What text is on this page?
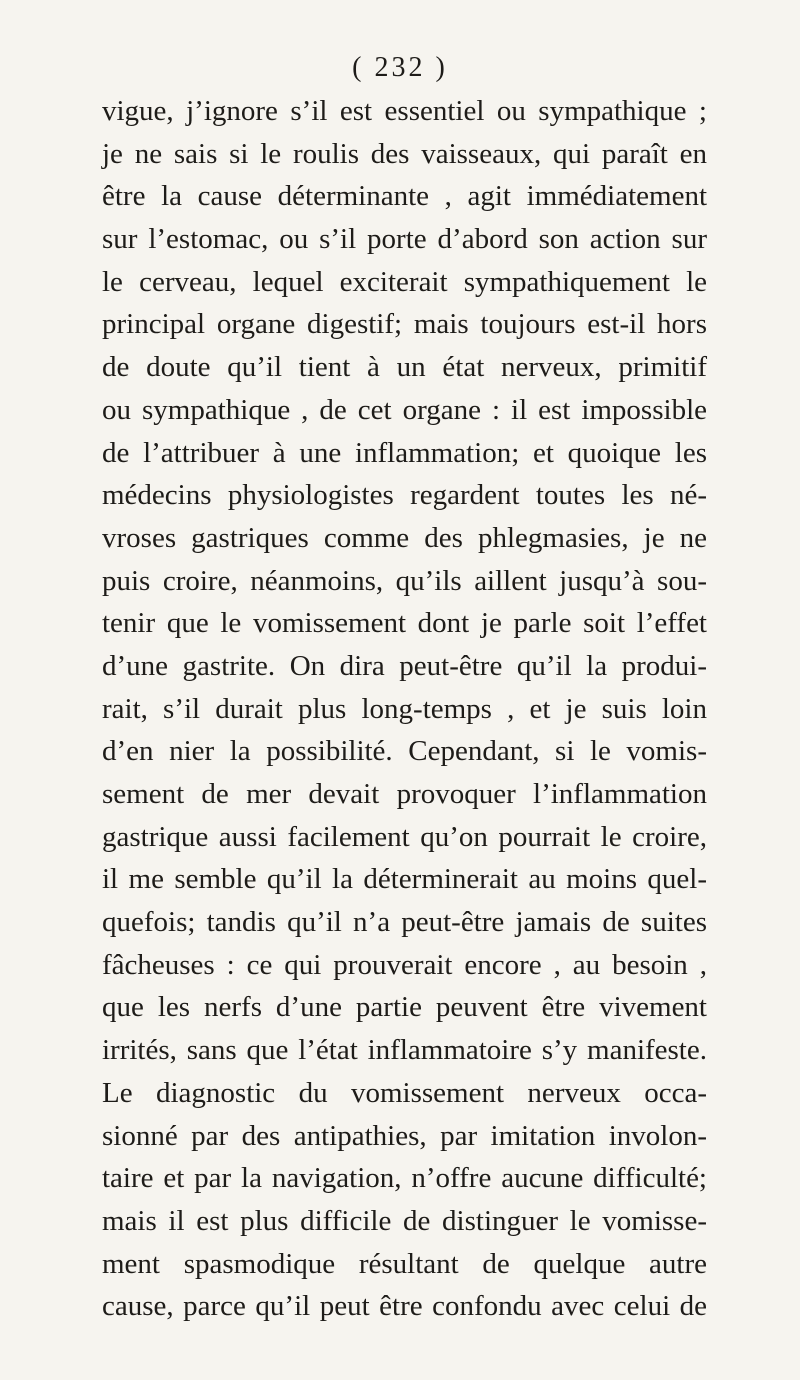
( 232 )
vigue, j’ignore s’il est essentiel ou sympathique ;
je ne sais si le roulis des vaisseaux, qui paraît en
être la cause déterminante , agit immédiatement
sur l’estomac, ou s’il porte d’abord son action sur
le cerveau, lequel exciterait sympathiquement le
principal organe digestif; mais toujours est-il hors
de doute qu’il tient à un état nerveux, primitif
ou sympathique , de cet organe : il est impossible
de l’attribuer à une inflammation; et quoique les
médecins physiologistes regardent toutes les né-
vroses gastriques comme des phlegmasies, je ne
puis croire, néanmoins, qu’ils aillent jusqu’à sou-
tenir que le vomissement dont je parle soit l’effet
d’une gastrite. On dira peut-être qu’il la produi-
rait, s’il durait plus long-temps , et je suis loin
d’en nier la possibilité. Cependant, si le vomis-
sement de mer devait provoquer l’inflammation
gastrique aussi facilement qu’on pourrait le croire,
il me semble qu’il la déterminerait au moins quel-
quefois; tandis qu’il n’a peut-être jamais de suites
fâcheuses : ce qui prouverait encore , au besoin ,
que les nerfs d’une partie peuvent être vivement
irrités, sans que l’état inflammatoire s’y manifeste.
Le diagnostic du vomissement nerveux occa-
sionné par des antipathies, par imitation involon-
taire et par la navigation, n’offre aucune difficulté;
mais il est plus difficile de distinguer le vomisse-
ment spasmodique résultant de quelque autre
cause, parce qu’il peut être confondu avec celui de
